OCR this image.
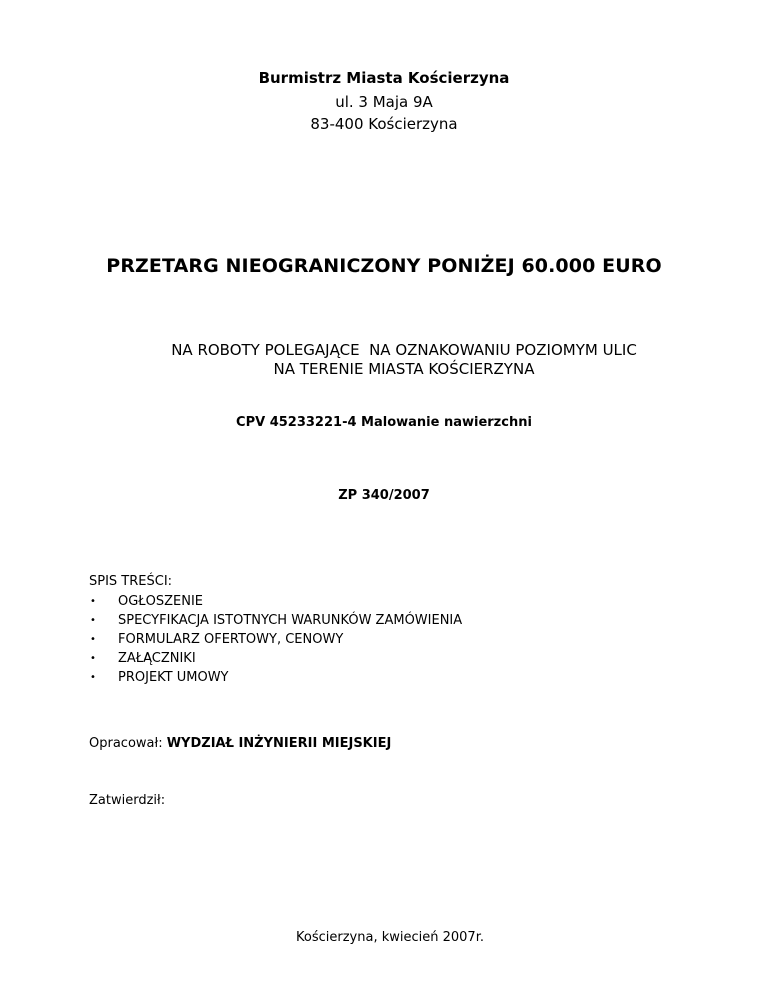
Burmistrz Miasta Kościerzyna
ul. 3 Maja 9A
83-400 Kościerzyna
PRZETARG NIEOGRANICZONY PONIŻEJ 60.000 EURO
NA ROBOTY POLEGAJĄCE  NA OZNAKOWANIU POZIOMYM ULIC
NA TERENIE MIASTA KOŚCIERZYNA
CPV 45233221-4 Malowanie nawierzchni
ZP 340/2007
SPIS TREŚCI:
• OGŁOSZENIE
• SPECYFIKACJA ISTOTNYCH WARUNKÓW ZAMÓWIENIA
• FORMULARZ OFERTOWY, CENOWY
• ZAŁĄCZNIKI
• PROJEKT UMOWY
Opracował: WYDZIAŁ INŻYNIERII MIEJSKIEJ
Zatwierdził:
Kościerzyna, kwiecień 2007r.
